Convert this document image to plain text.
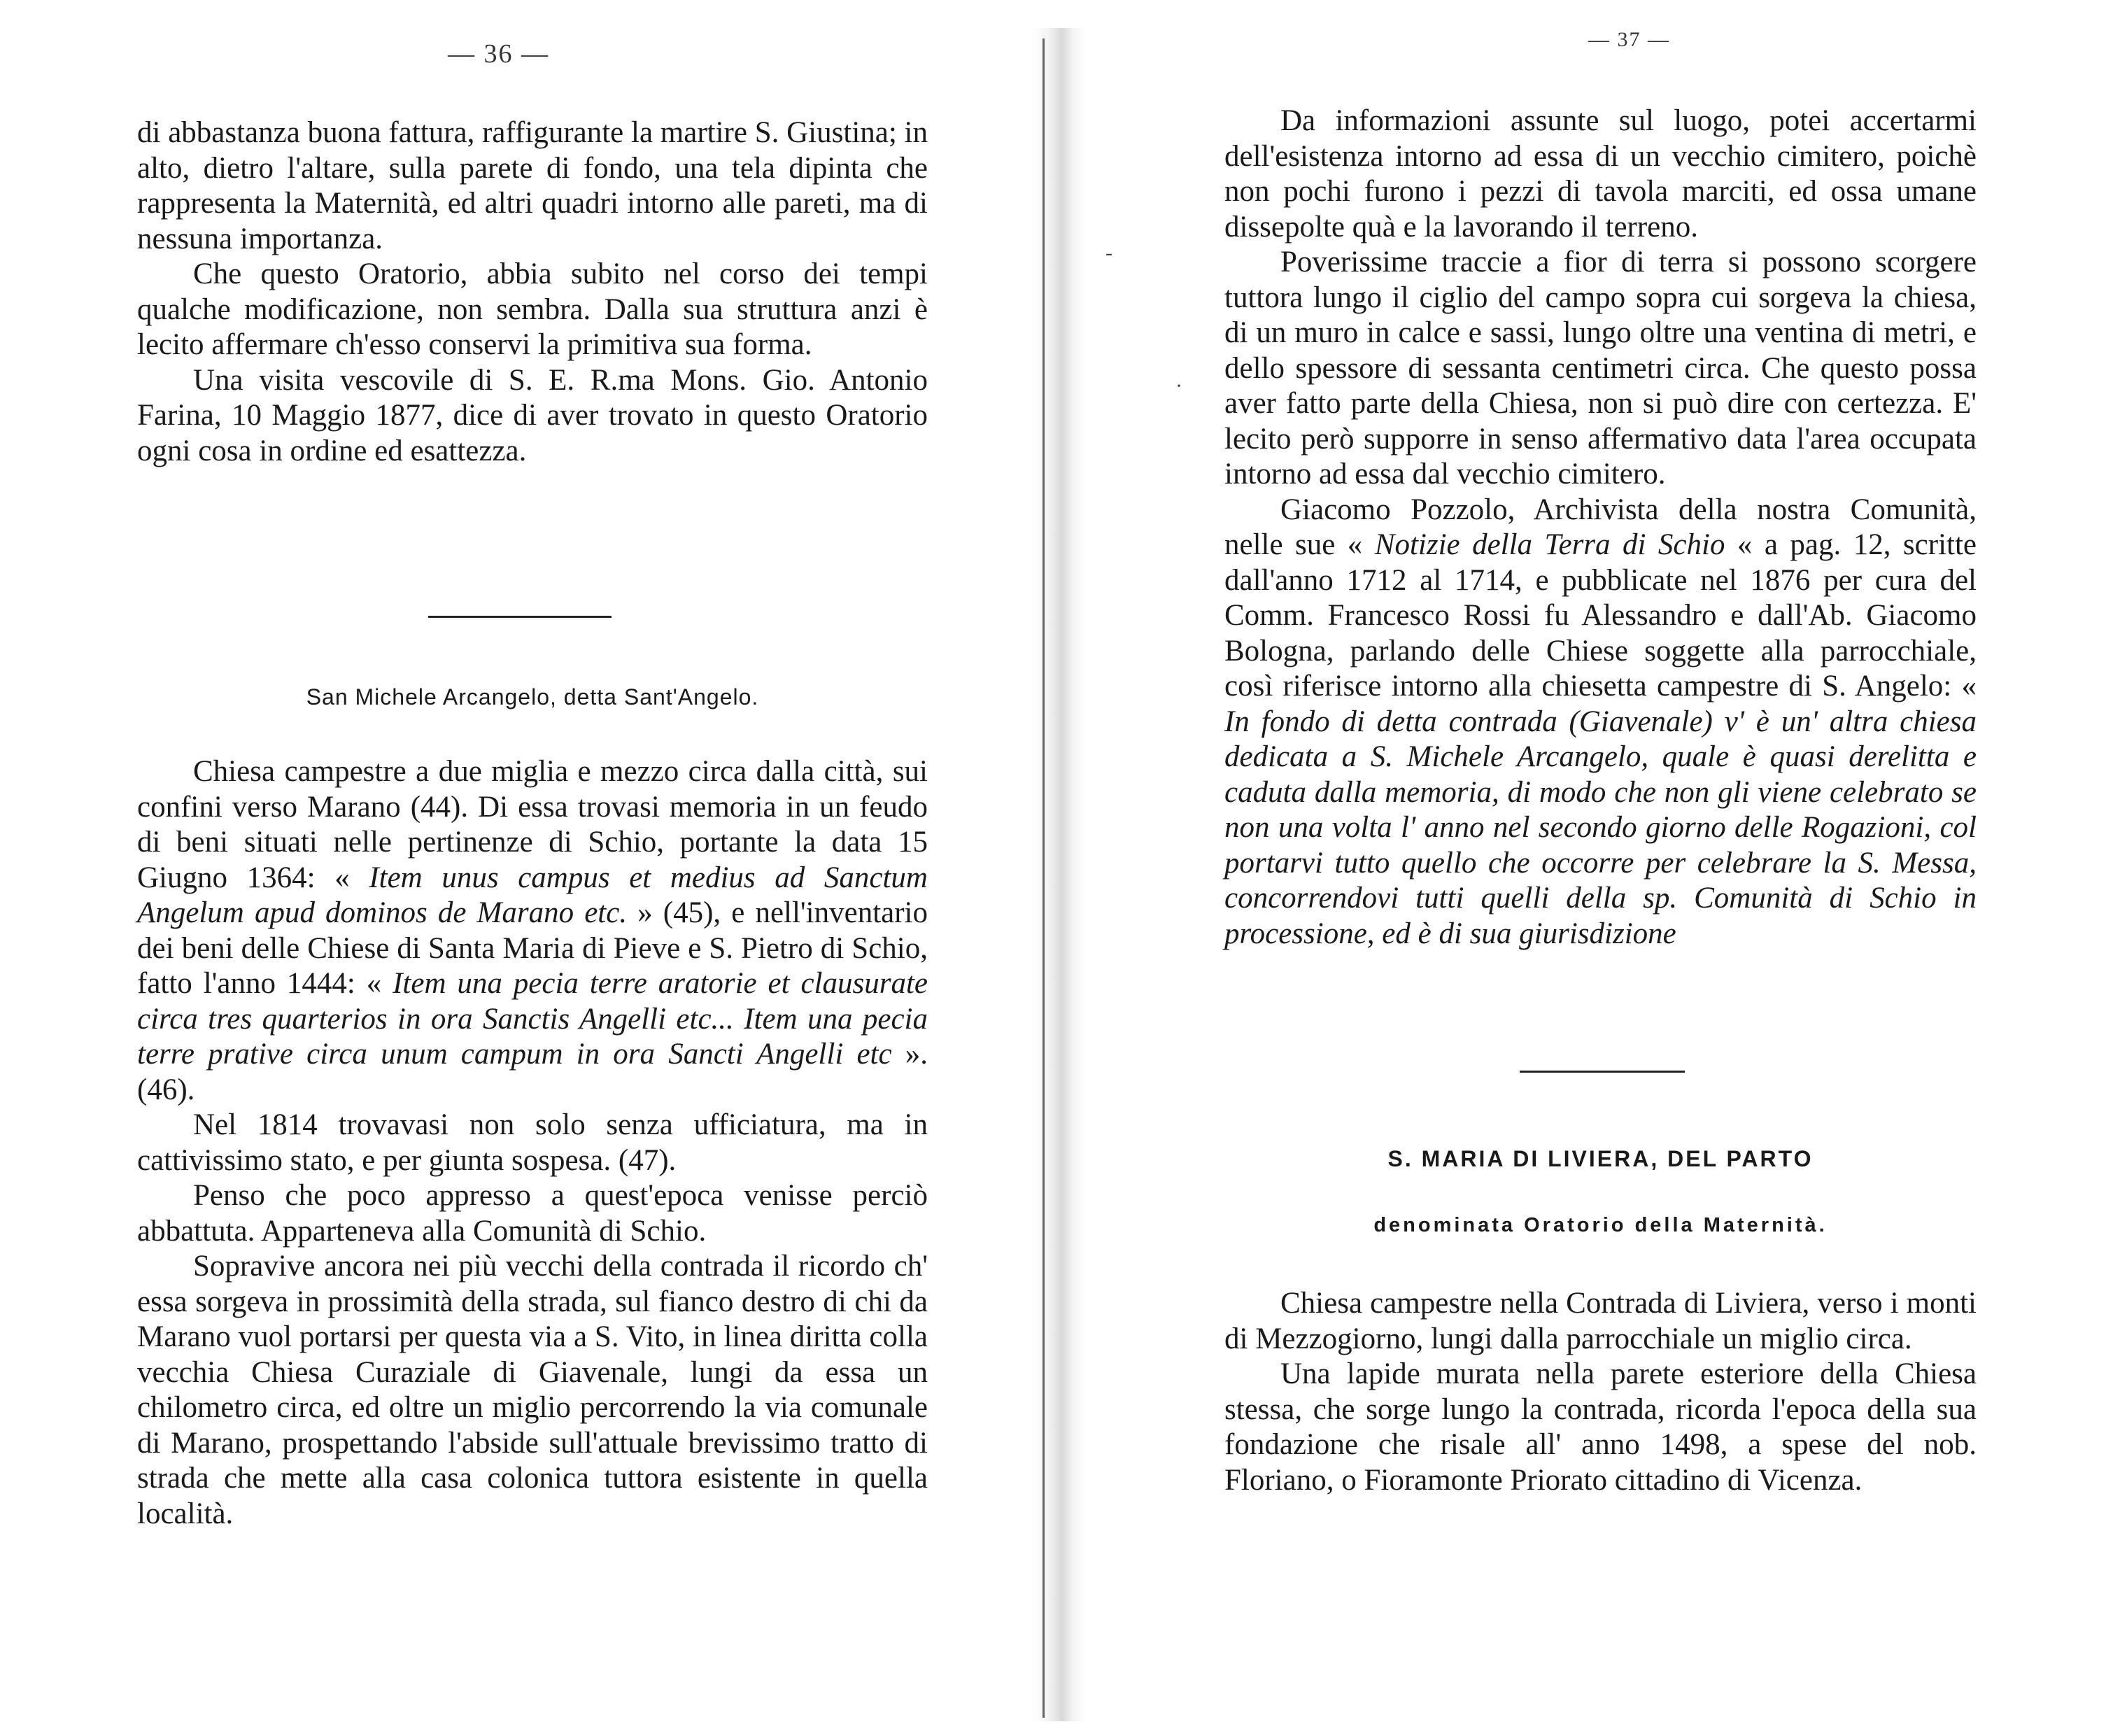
— 36 —

di abbastanza buona fattura, raffigurante la martire S. Giustina; in alto, dietro l'altare, sulla parete di fondo, una tela dipinta che rappresenta la Maternità, ed altri quadri intorno alle pareti, ma di nessuna importanza.

Che questo Oratorio, abbia subito nel corso dei tempi qualche modificazione, non sembra. Dalla sua struttura anzi è lecito affermare ch'esso conservi la primitiva sua forma.

Una visita vescovile di S. E. R.ma Mons. Gio. Antonio Farina, 10 Maggio 1877, dice di aver trovato in questo Oratorio ogni cosa in ordine ed esattezza.

San Michele Arcangelo, detta Sant'Angelo.

Chiesa campestre a due miglia e mezzo circa dalla città, sui confini verso Marano (44). Di essa trovasi memoria in un feudo di beni situati nelle pertinenze di Schio, portante la data 15 Giugno 1364: « Item unus campus et medius ad Sanctum Angelum apud dominos de Marano etc. » (45), e nell'inventario dei beni delle Chiese di Santa Maria di Pieve e S. Pietro di Schio, fatto l'anno 1444: « Item una pecia terre aratorie et clausurate circa tres quarterios in ora Sanctis Angelli etc... Item una pecia terre prative circa unum campum in ora Sancti Angelli etc ». (46).

Nel 1814 trovavasi non solo senza ufficiatura, ma in cattivissimo stato, e per giunta sospesa. (47).

Penso che poco appresso a quest'epoca venisse perciò abbattuta. Apparteneva alla Comunità di Schio.

Sopravive ancora nei più vecchi della contrada il ricordo ch' essa sorgeva in prossimità della strada, sul fianco destro di chi da Marano vuol portarsi per questa via a S. Vito, in linea diritta colla vecchia Chiesa Curaziale di Giavenale, lungi da essa un chilometro circa, ed oltre un miglio percorrendo la via comunale di Marano, prospettando l'abside sull'attuale brevissimo tratto di strada che mette alla casa colonica tuttora esistente in quella località.

— 37 —
-
·

Da informazioni assunte sul luogo, potei accertarmi dell'esistenza intorno ad essa di un vecchio cimitero, poichè non pochi furono i pezzi di tavola marciti, ed ossa umane dissepolte quà e la lavorando il terreno.

Poverissime traccie a fior di terra si possono scorgere tuttora lungo il ciglio del campo sopra cui sorgeva la chiesa, di un muro in calce e sassi, lungo oltre una ventina di metri, e dello spessore di sessanta centimetri circa. Che questo possa aver fatto parte della Chiesa, non si può dire con certezza. E' lecito però supporre in senso affermativo data l'area occupata intorno ad essa dal vecchio cimitero.

Giacomo Pozzolo, Archivista della nostra Comunità, nelle sue « Notizie della Terra di Schio « a pag. 12, scritte dall'anno 1712 al 1714, e pubblicate nel 1876 per cura del Comm. Francesco Rossi fu Alessandro e dall'Ab. Giacomo Bologna, parlando delle Chiese soggette alla parrocchiale, così riferisce intorno alla chiesetta campestre di S. Angelo: « In fondo di detta contrada (Giavenale) v' è un' altra chiesa dedicata a S. Michele Arcangelo, quale è quasi derelitta e caduta dalla memoria, di modo che non gli viene celebrato se non una volta l' anno nel secondo giorno delle Rogazioni, col portarvi tutto quello che occorre per celebrare la S. Messa, concorrendovi tutti quelli della sp. Comunità di Schio in processione, ed è di sua giurisdizione

S. MARIA DI LIVIERA, DEL PARTO
denominata Oratorio della Maternità.

Chiesa campestre nella Contrada di Liviera, verso i monti di Mezzogiorno, lungi dalla parrocchiale un miglio circa.

Una lapide murata nella parete esteriore della Chiesa stessa, che sorge lungo la contrada, ricorda l'epoca della sua fondazione che risale all' anno 1498, a spese del nob. Floriano, o Fioramonte Priorato cittadino di Vicenza.
